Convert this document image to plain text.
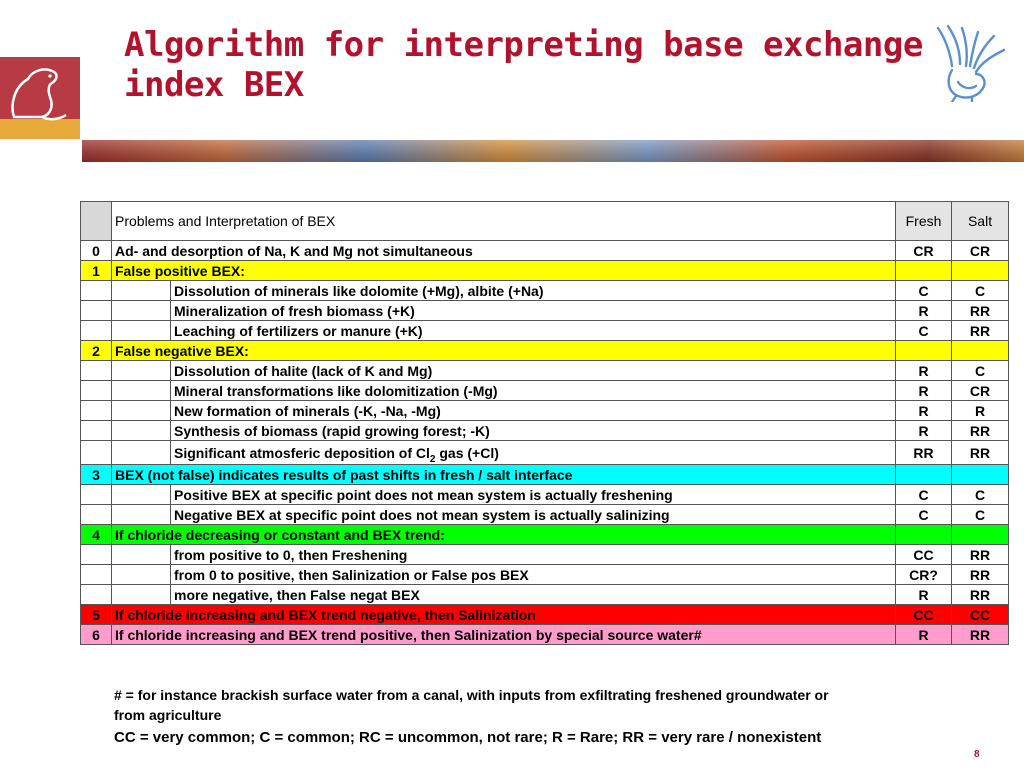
Algorithm for interpreting base exchange index BEX
	Problems and Interpretation of BEX		Fresh	Salt
0	Ad- and desorption of Na, K and Mg not simultaneous		CR	CR
1	False positive BEX:			
		Dissolution of minerals like dolomite (+Mg), albite (+Na)	C	C
		Mineralization of fresh biomass (+K)	R	RR
		Leaching of fertilizers or manure (+K)	C	RR
2	False negative BEX:			
		Dissolution of halite (lack of K and Mg)	R	C
		Mineral transformations like dolomitization (-Mg)	R	CR
		New formation of minerals (-K, -Na, -Mg)	R	R
		Synthesis of biomass (rapid growing forest; -K)	R	RR
		Significant atmosferic deposition of $Cl_2$ gas (+Cl)	RR	RR
3	BEX (not false) indicates results of past shifts in fresh / salt interface			
		Positive BEX at specific point does not mean system is actually freshening	C	C
		Negative BEX at specific point does not mean system is actually salinizing	C	C
4	If chloride decreasing or constant and BEX trend:			
		from positive to 0, then Freshening	CC	RR
		from 0 to positive, then Salinization or False pos BEX	CR?	RR
		more negative, then False negat BEX	R	RR
5	If chloride increasing and BEX trend negative, then Salinization		CC	CC
6	If chloride increasing and BEX trend positive, then Salinization by special source water#		R	RR

# = for instance brackish surface water from a canal, with inputs from exfiltrating freshened groundwater or from agriculture

CC = very common; C = common; RC = uncommon, not rare; R = Rare; RR = very rare / nonexistent

8
